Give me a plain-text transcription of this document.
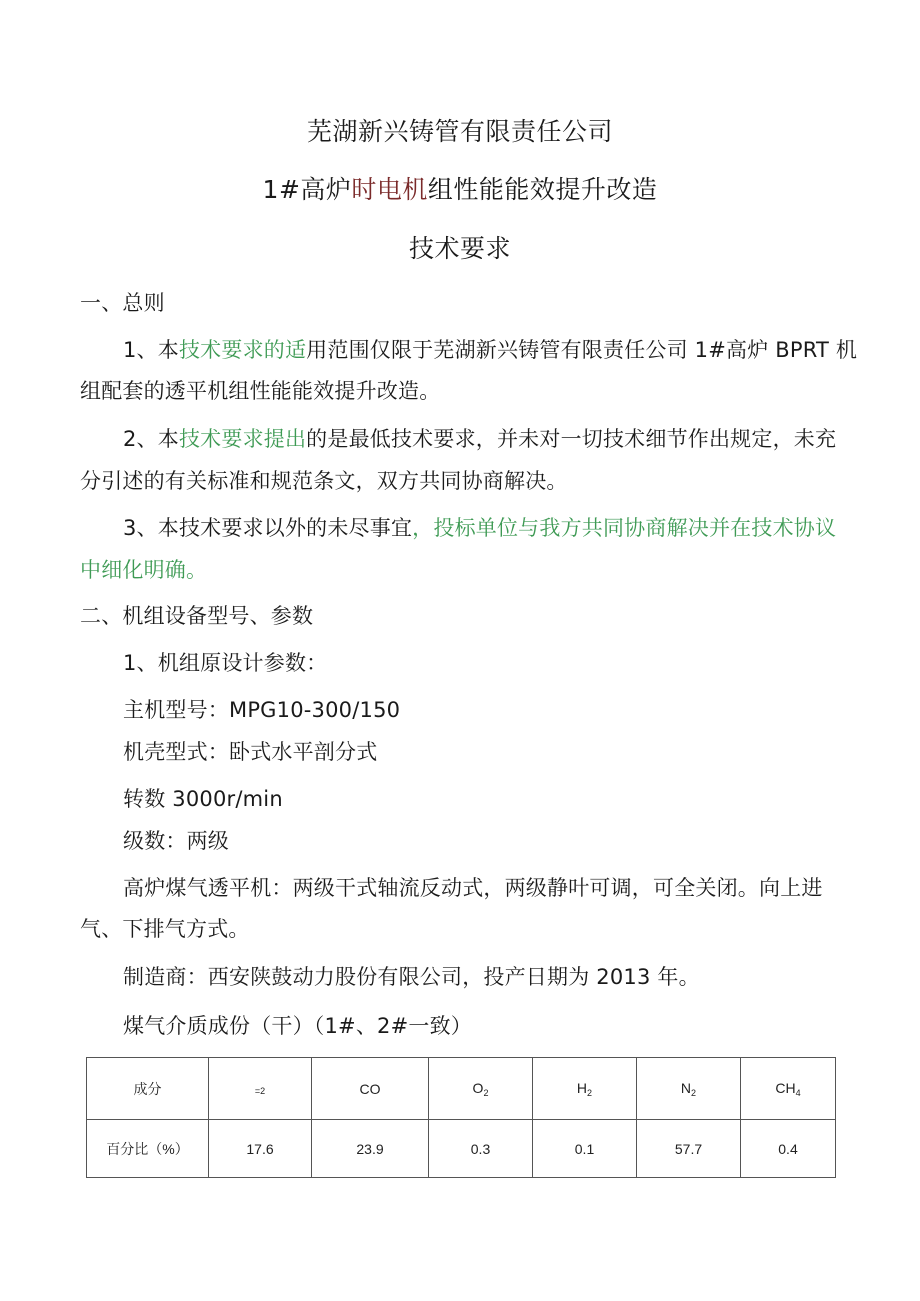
芜湖新兴铸管有限责任公司
1#高炉时电机组性能能效提升改造
技术要求
一、总则
1、本技术要求的适用范围仅限于芜湖新兴铸管有限责任公司 1#高炉 BPRT 机
组配套的透平机组性能能效提升改造。
2、本技术要求提出的是最低技术要求，并未对一切技术细节作出规定，未充
分引述的有关标准和规范条文，双方共同协商解决。
3、本技术要求以外的未尽事宜，投标单位与我方共同协商解决并在技术协议
中细化明确。
二、机组设备型号、参数
1、机组原设计参数：
主机型号：MPG10-300/150
机壳型式：卧式水平剖分式
转数 3000r/min
级数：两级
高炉煤气透平机：两级干式轴流反动式，两级静叶可调，可全关闭。向上进
气、下排气方式。
制造商：西安陕鼓动力股份有限公司，投产日期为 2013 年。
煤气介质成份（干）（1#、2#一致）
成分	=2	CO	$O_2$	$H_2$	$N_2$	$CH_4$
百分比（%）	17.6	23.9	0.3	0.1	57.7	0.4
